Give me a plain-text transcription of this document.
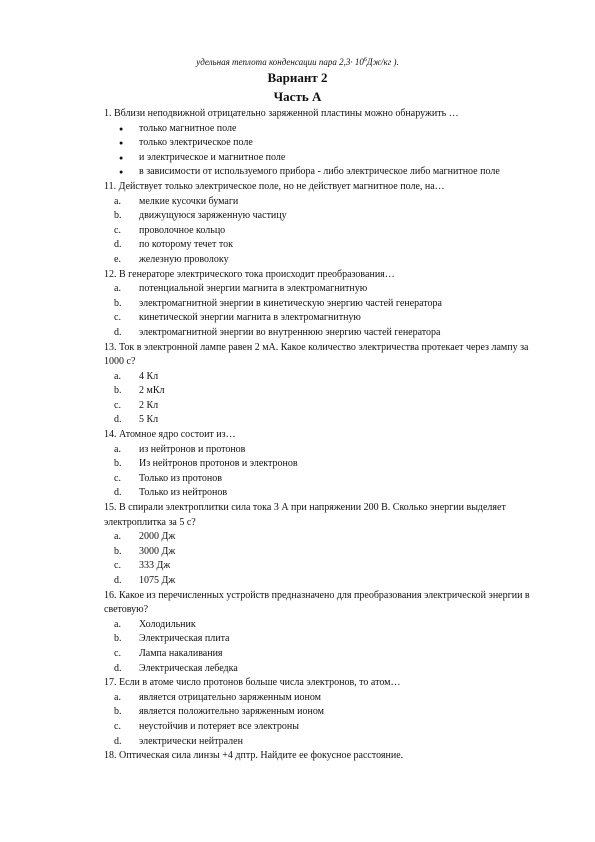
удельная теплота конденсации пара $2,3\cdot 10^6Дж/кг$ ).
Вариант 2
Часть А
1. Вблизи неподвижной отрицательно заряженной пластины можно обнаружить …
●	только магнитное поле
●	только электрическое поле
●	и электрическое и магнитное поле
●	в зависимости от используемого прибора - либо электрическое либо магнитное поле
11. Действует только электрическое поле, но не действует магнитное поле, на…
a.	мелкие кусочки бумаги
b.	движущуюся заряженную частицу
c.	проволочное кольцо
d.	по которому течет ток
e.	железную проволоку
12. В генераторе электрического тока происходит преобразования…
a.	потенциальной энергии магнита в электромагнитную
b.	электромагнитной энергии в кинетическую энергию частей генератора
c.	кинетической энергии магнита в электромагнитную
d.	электромагнитной энергии во внутреннюю энергию частей генератора
13. Ток в электронной лампе равен 2 мА. Какое количество электричества протекает через лампу за 1000 с?
a.	4 Кл
b.	2 мКл
c.	2 Кл
d.	5 Кл
14. Атомное ядро состоит из…
a.	из нейтронов и протонов
b.	Из нейтронов протонов и электронов
c.	Только из протонов
d.	Только из нейтронов
15. В спирали электроплитки сила тока 3 А при напряжении 200 В. Сколько энергии выделяет электроплитка за 5 с?
a.	2000 Дж
b.	3000 Дж
c.	333 Дж
d.	1075 Дж
16. Какое из перечисленных устройств предназначено для преобразования электрической энергии в световую?
a.	Холодильник
b.	Электрическая плита
c.	Лампа накаливания
d.	Электрическая лебедка
17. Если в атоме число протонов больше числа электронов, то атом…
a.	является отрицательно заряженным ионом
b.	является положительно заряженным ионом
c.	неустойчив и потеряет все электроны
d.	электрически нейтрален
18. Оптическая сила линзы +4 дптр. Найдите ее фокусное расстояние.
